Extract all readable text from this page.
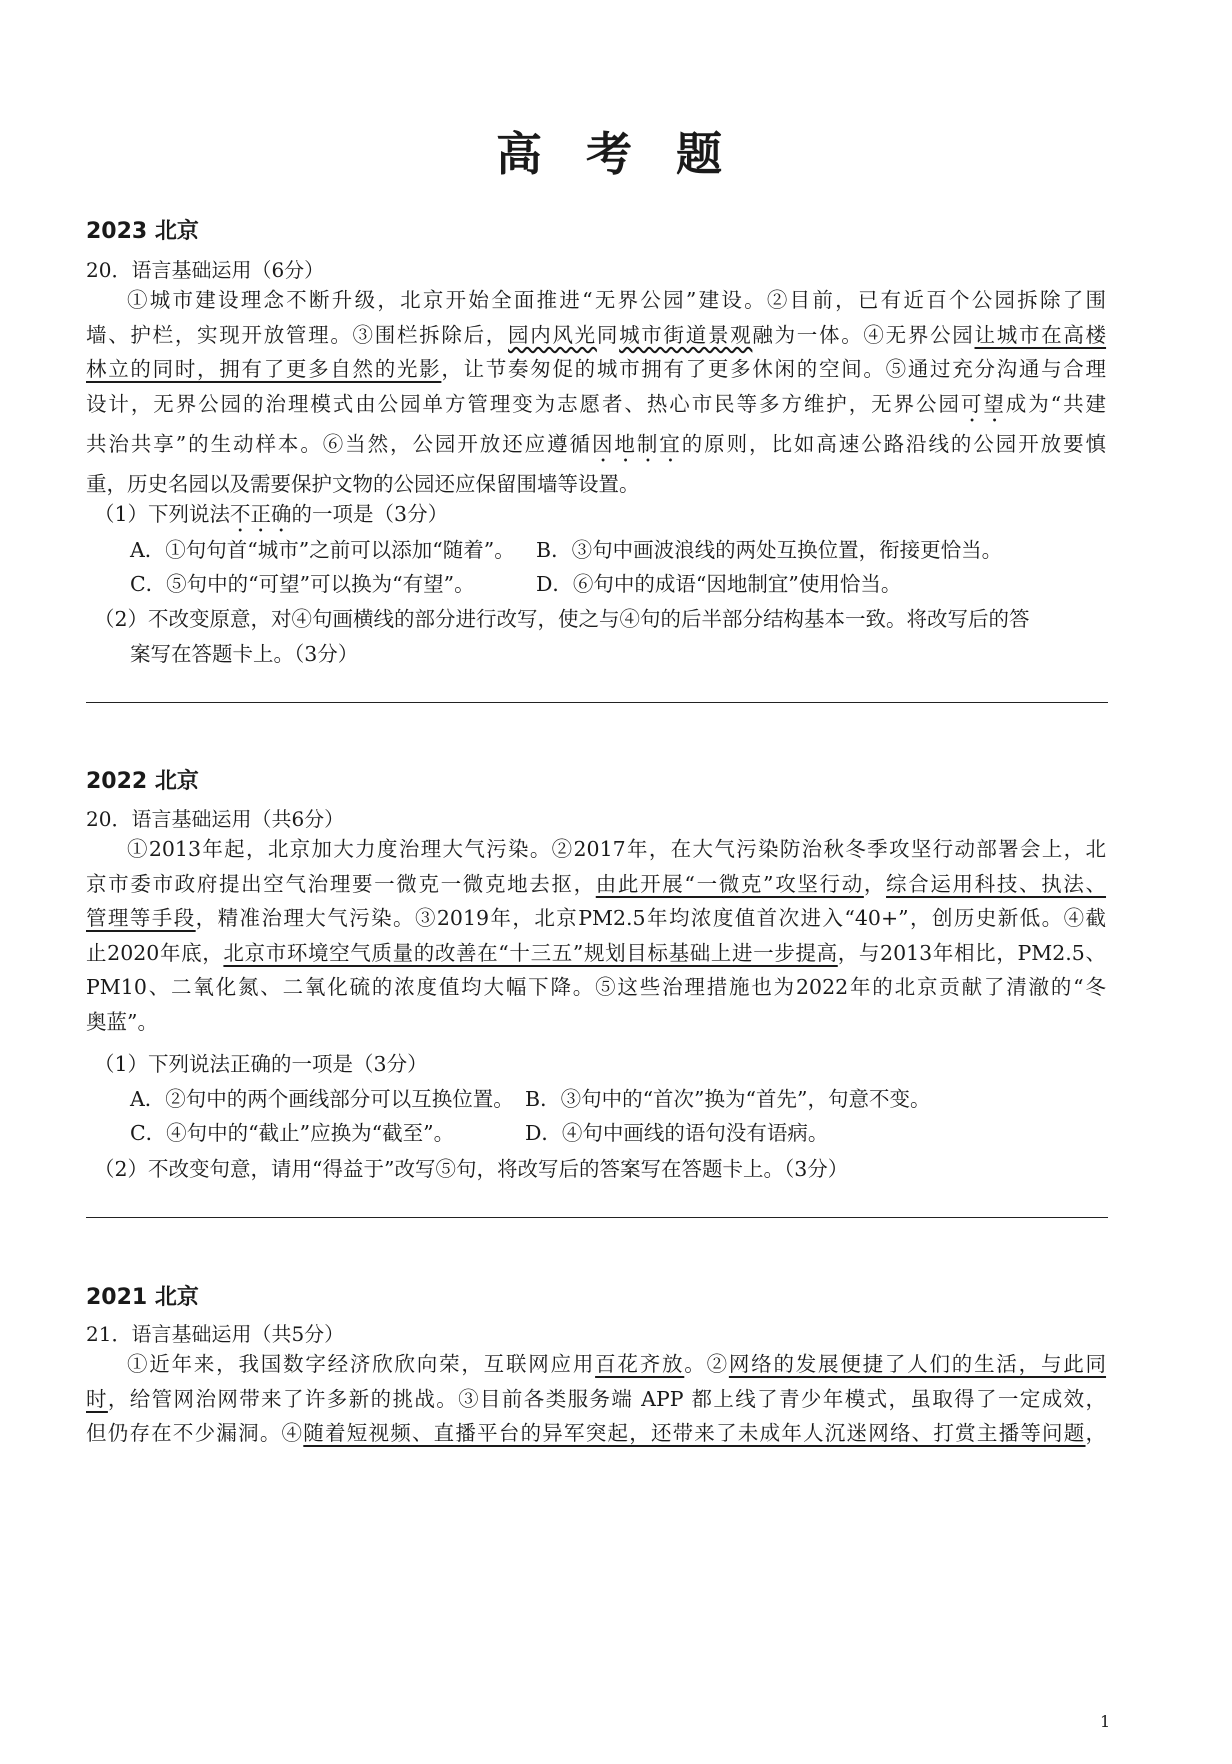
高 考 题
2023 北京
20．语言基础运用（6分）
①城市建设理念不断升级，北京开始全面推进“无界公园”建设。②目前，已有近百个公园拆除了围
墙、护栏，实现开放管理。③围栏拆除后，园内风光同城市街道景观融为一体。④无界公园让城市在高楼
林立的同时，拥有了更多自然的光影，让节奏匆促的城市拥有了更多休闲的空间。⑤通过充分沟通与合理
设计，无界公园的治理模式由公园单方管理变为志愿者、热心市民等多方维护，无界公园可望成为“共建
共治共享”的生动样本。⑥当然，公园开放还应遵循因地制宜的原则，比如高速公路沿线的公园开放要慎
重，历史名园以及需要保护文物的公园还应保留围墙等设置。
（1）下列说法不正确的一项是（3分）
A．①句句首“城市”之前可以添加“随着”。 B．③句中画波浪线的两处互换位置，衔接更恰当。
C．⑤句中的“可望”可以换为“有望”。	D．⑥句中的成语“因地制宜”使用恰当。
（2）不改变原意，对④句画横线的部分进行改写，使之与④句的后半部分结构基本一致。将改写后的答
案写在答题卡上。（3分）
2022 北京
20．语言基础运用（共6分）
①2013年起，北京加大力度治理大气污染。②2017年，在大气污染防治秋冬季攻坚行动部署会上，北
京市委市政府提出空气治理要一微克一微克地去抠，由此开展“一微克”攻坚行动，综合运用科技、执法、
管理等手段，精准治理大气污染。③2019年，北京PM2.5年均浓度值首次进入“40+”，创历史新低。④截
止2020年底，北京市环境空气质量的改善在“十三五”规划目标基础上进一步提高，与2013年相比，PM2.5、
PM10、二氧化氮、二氧化硫的浓度值均大幅下降。⑤这些治理措施也为2022年的北京贡献了清澈的“冬
奥蓝”。
（1）下列说法正确的一项是（3分）
A．②句中的两个画线部分可以互换位置。 B．③句中的“首次”换为“首先”，句意不变。
C．④句中的“截止”应换为“截至”。	D．④句中画线的语句没有语病。
（2）不改变句意，请用“得益于”改写⑤句，将改写后的答案写在答题卡上。（3分）
2021 北京
21．语言基础运用（共5分）
①近年来，我国数字经济欣欣向荣，互联网应用百花齐放。②网络的发展便捷了人们的生活，与此同
时，给管网治网带来了许多新的挑战。③目前各类服务端 APP 都上线了青少年模式，虽取得了一定成效，
但仍存在不少漏洞。④随着短视频、直播平台的异军突起，还带来了未成年人沉迷网络、打赏主播等问题，
1
